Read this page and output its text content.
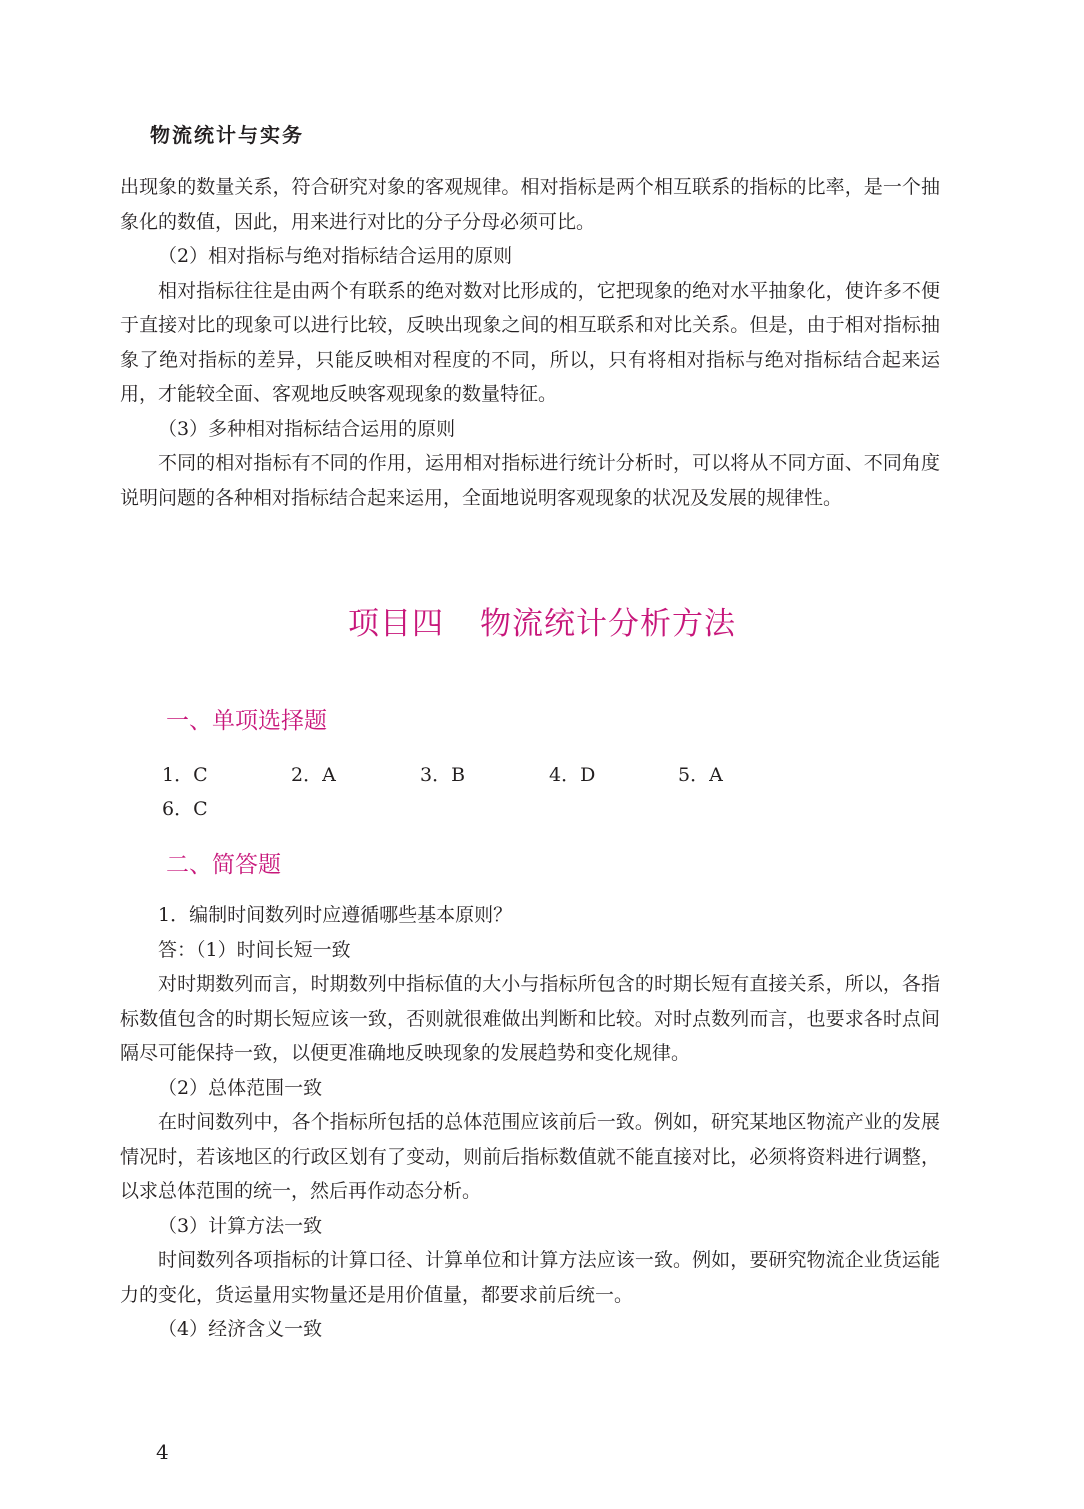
物流统计与实务

出现象的数量关系，符合研究对象的客观规律。相对指标是两个相互联系的指标的比率，是一个抽象化的数值，因此，用来进行对比的分子分母必须可比。

（2）相对指标与绝对指标结合运用的原则

相对指标往往是由两个有联系的绝对数对比形成的，它把现象的绝对水平抽象化，使许多不便于直接对比的现象可以进行比较，反映出现象之间的相互联系和对比关系。但是，由于相对指标抽象了绝对指标的差异，只能反映相对程度的不同，所以，只有将相对指标与绝对指标结合起来运用，才能较全面、客观地反映客观现象的数量特征。

（3）多种相对指标结合运用的原则

不同的相对指标有不同的作用，运用相对指标进行统计分析时，可以将从不同方面、不同角度说明问题的各种相对指标结合起来运用，全面地说明客观现象的状况及发展的规律性。

项目四 物流统计分析方法
一、单项选择题
1．C	2．A	3．B	4．D	5．A
6．C
二、简答题

1．编制时间数列时应遵循哪些基本原则？

答：（1）时间长短一致

对时期数列而言，时期数列中指标值的大小与指标所包含的时期长短有直接关系，所以，各指标数值包含的时期长短应该一致，否则就很难做出判断和比较。对时点数列而言，也要求各时点间隔尽可能保持一致，以便更准确地反映现象的发展趋势和变化规律。

（2）总体范围一致

在时间数列中，各个指标所包括的总体范围应该前后一致。例如，研究某地区物流产业的发展情况时，若该地区的行政区划有了变动，则前后指标数值就不能直接对比，必须将资料进行调整，以求总体范围的统一，然后再作动态分析。

（3）计算方法一致

时间数列各项指标的计算口径、计算单位和计算方法应该一致。例如，要研究物流企业货运能力的变化，货运量用实物量还是用价值量，都要求前后统一。

（4）经济含义一致

4
